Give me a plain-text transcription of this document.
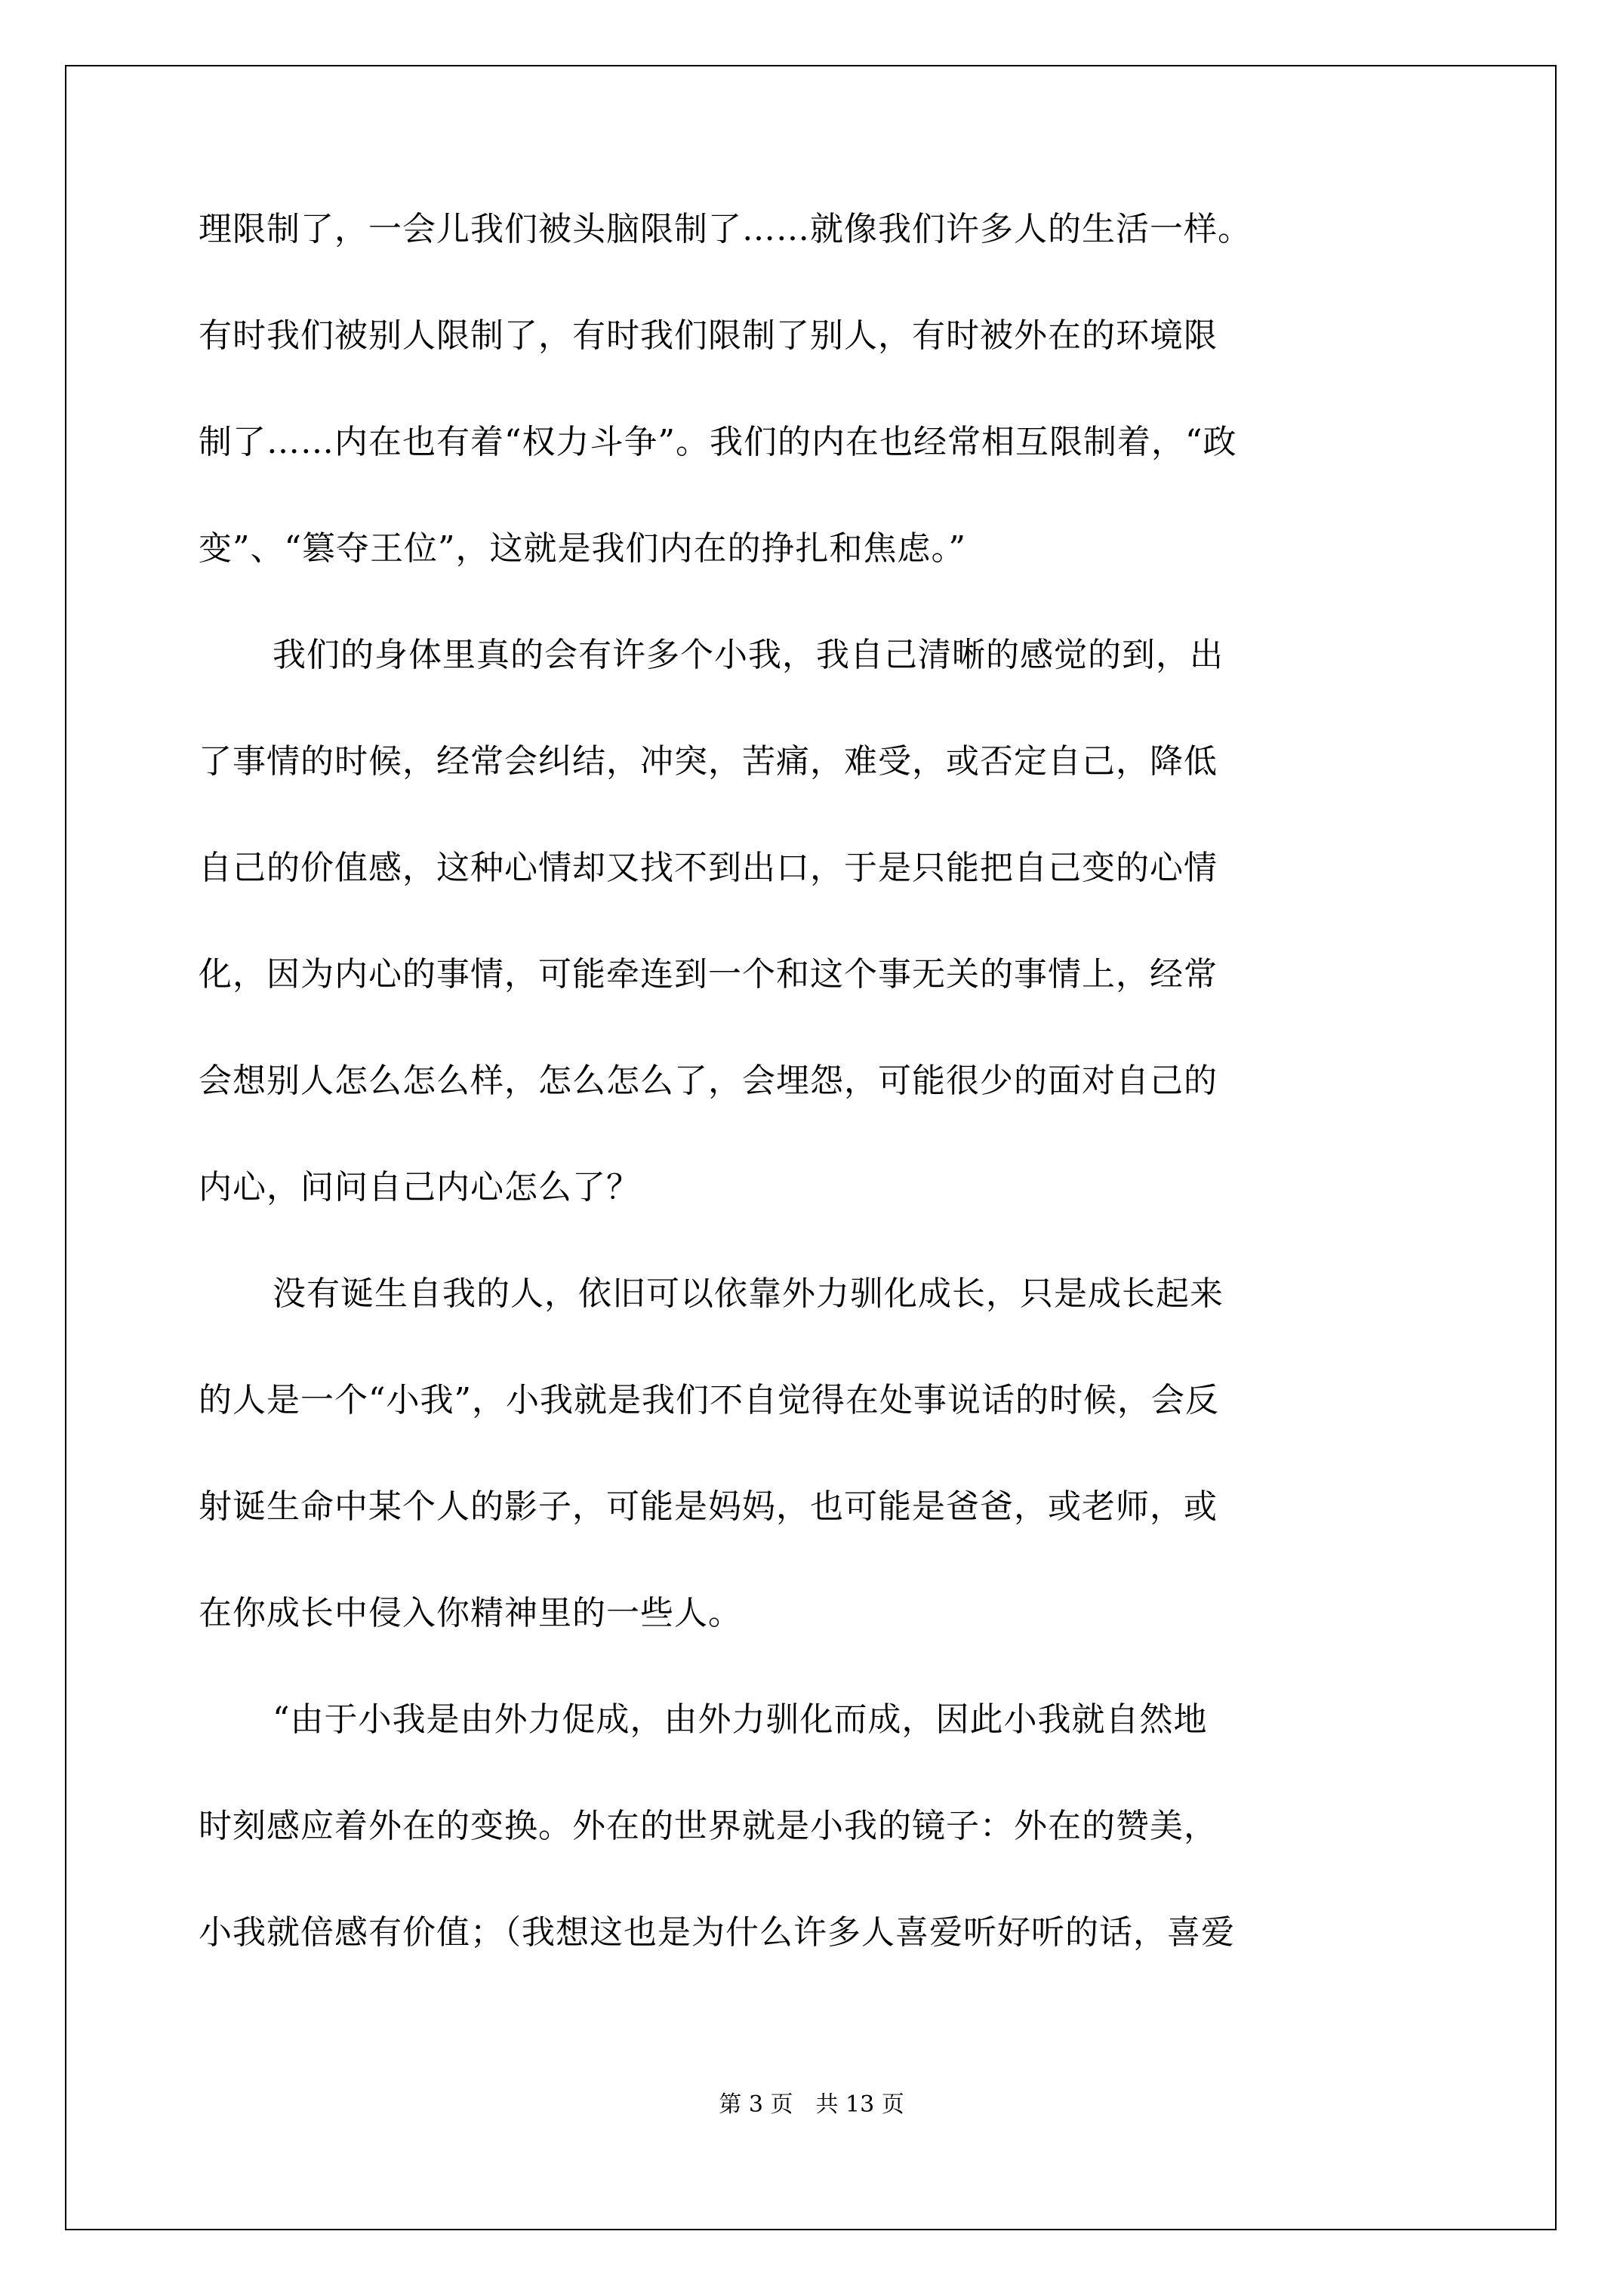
理限制了，一会儿我们被头脑限制了……就像我们许多人的生活一样。
有时我们被别人限制了，有时我们限制了别人，有时被外在的环境限
制了……内在也有着“权力斗争”。我们的内在也经常相互限制着，“政
变”、“篡夺王位”，这就是我们内在的挣扎和焦虑。”
我们的身体里真的会有许多个小我，我自己清晰的感觉的到，出
了事情的时候，经常会纠结，冲突，苦痛，难受，或否定自己，降低
自己的价值感，这种心情却又找不到出口，于是只能把自己变的心情
化，因为内心的事情，可能牵连到一个和这个事无关的事情上，经常
会想别人怎么怎么样，怎么怎么了，会埋怨，可能很少的面对自己的
内心，问问自己内心怎么了？
没有诞生自我的人，依旧可以依靠外力驯化成长，只是成长起来
的人是一个“小我”，小我就是我们不自觉得在处事说话的时候，会反
射诞生命中某个人的影子，可能是妈妈，也可能是爸爸，或老师，或
在你成长中侵入你精神里的一些人。
“由于小我是由外力促成，由外力驯化而成，因此小我就自然地
时刻感应着外在的变换。外在的世界就是小我的镜子：外在的赞美，
小我就倍感有价值；（我想这也是为什么许多人喜爱听好听的话，喜爱
第 3 页　共 13 页
